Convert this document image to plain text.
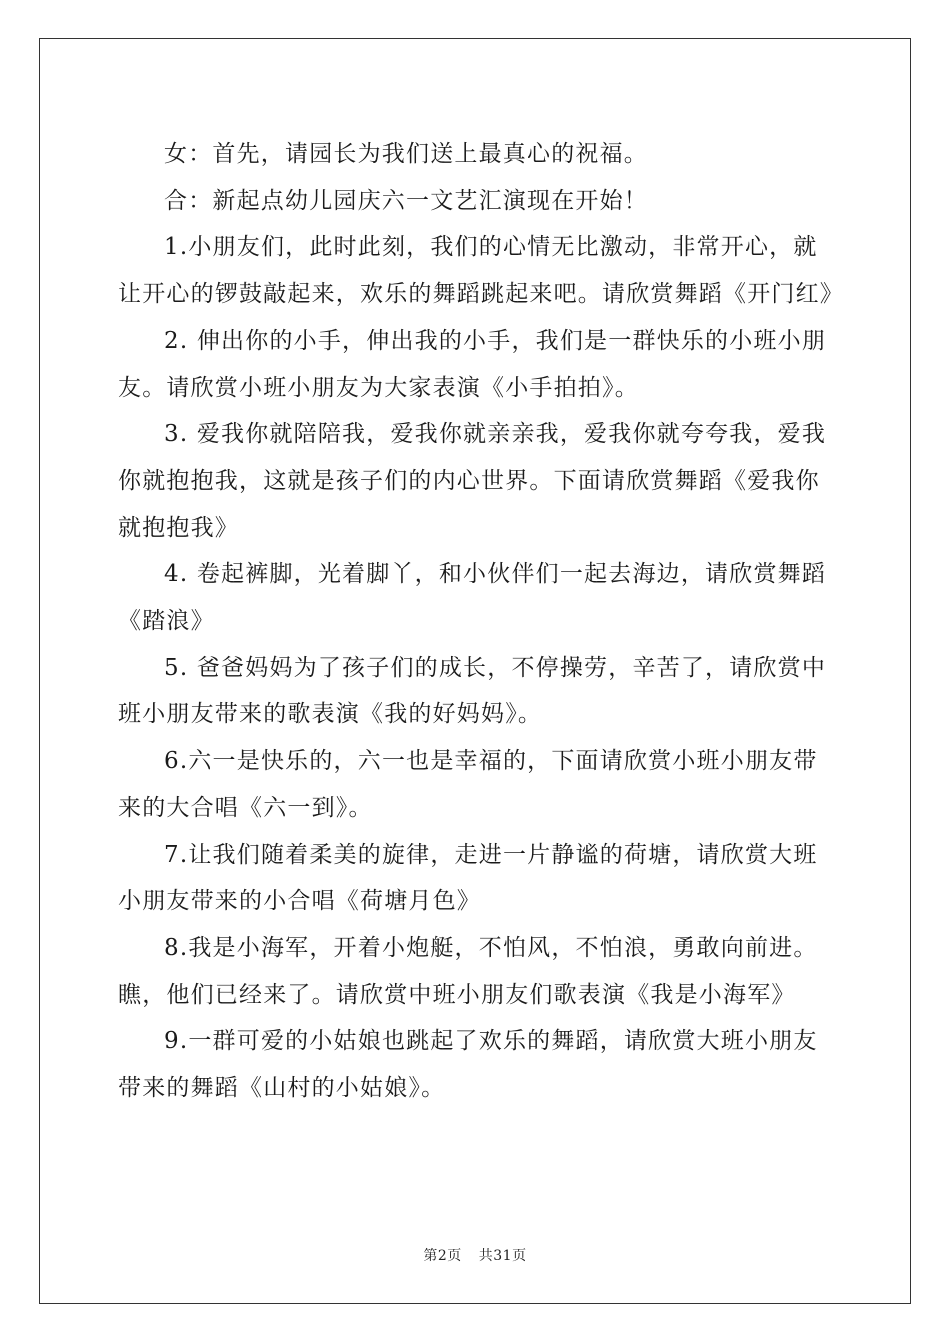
女：首先，请园长为我们送上最真心的祝福。

合：新起点幼儿园庆六一文艺汇演现在开始！

1.小朋友们，此时此刻，我们的心情无比激动，非常开心，就让开心的锣鼓敲起来，欢乐的舞蹈跳起来吧。请欣赏舞蹈《开门红》

2. 伸出你的小手，伸出我的小手，我们是一群快乐的小班小朋友。请欣赏小班小朋友为大家表演《小手拍拍》。

3. 爱我你就陪陪我，爱我你就亲亲我，爱我你就夸夸我，爱我你就抱抱我，这就是孩子们的内心世界。下面请欣赏舞蹈《爱我你就抱抱我》

4. 卷起裤脚，光着脚丫，和小伙伴们一起去海边，请欣赏舞蹈《踏浪》

5. 爸爸妈妈为了孩子们的成长，不停操劳，辛苦了，请欣赏中班小朋友带来的歌表演《我的好妈妈》。

6.六一是快乐的，六一也是幸福的，下面请欣赏小班小朋友带来的大合唱《六一到》。

7.让我们随着柔美的旋律，走进一片静谧的荷塘，请欣赏大班小朋友带来的小合唱《荷塘月色》

8.我是小海军，开着小炮艇，不怕风，不怕浪，勇敢向前进。瞧，他们已经来了。请欣赏中班小朋友们歌表演《我是小海军》

9.一群可爱的小姑娘也跳起了欢乐的舞蹈，请欣赏大班小朋友带来的舞蹈《山村的小姑娘》。

第2页 共31页
